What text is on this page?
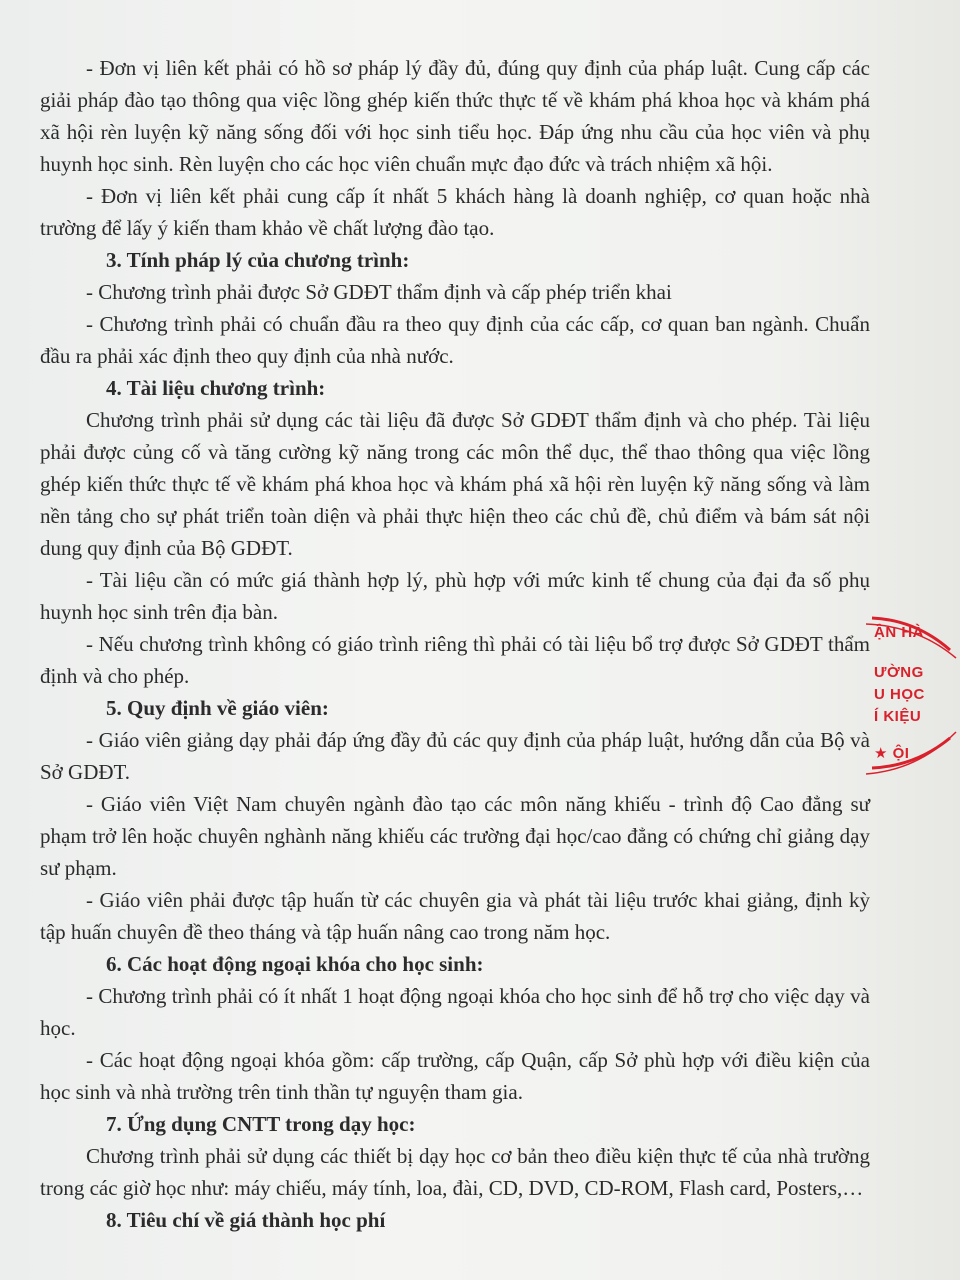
- Đơn vị liên kết phải có hồ sơ pháp lý đầy đủ, đúng quy định của pháp luật. Cung cấp các giải pháp đào tạo thông qua việc lồng ghép kiến thức thực tế về khám phá khoa học và khám phá xã hội rèn luyện kỹ năng sống đối với học sinh tiểu học. Đáp ứng nhu cầu của học viên và phụ huynh học sinh. Rèn luyện cho các học viên chuẩn mực đạo đức và trách nhiệm xã hội.

- Đơn vị liên kết phải cung cấp ít nhất 5 khách hàng là doanh nghiệp, cơ quan hoặc nhà trường để lấy ý kiến tham khảo về chất lượng đào tạo.

3. Tính pháp lý của chương trình:

- Chương trình phải được Sở GDĐT thẩm định và cấp phép triển khai

- Chương trình phải có chuẩn đầu ra theo quy định của các cấp, cơ quan ban ngành. Chuẩn đầu ra phải xác định theo quy định của nhà nước.

4. Tài liệu chương trình:

Chương trình phải sử dụng các tài liệu đã được Sở GDĐT thẩm định và cho phép. Tài liệu phải được củng cố và tăng cường kỹ năng trong các môn thể dục, thể thao thông qua việc lồng ghép kiến thức thực tế về khám phá khoa học và khám phá xã hội rèn luyện kỹ năng sống và làm nền tảng cho sự phát triển toàn diện và phải thực hiện theo các chủ đề, chủ điểm và bám sát nội dung quy định của Bộ GDĐT.

- Tài liệu cần có mức giá thành hợp lý, phù hợp với mức kinh tế chung của đại đa số phụ huynh học sinh trên địa bàn.

- Nếu chương trình không có giáo trình riêng thì phải có tài liệu bổ trợ được Sở GDĐT thẩm định và cho phép.

5. Quy định về giáo viên:

- Giáo viên giảng dạy phải đáp ứng đầy đủ các quy định của pháp luật, hướng dẫn của Bộ và Sở GDĐT.

- Giáo viên Việt Nam chuyên ngành đào tạo các môn năng khiếu - trình độ Cao đẳng sư phạm trở lên hoặc chuyên nghành năng khiếu các trường đại học/cao đẳng có chứng chỉ giảng dạy sư phạm.

- Giáo viên phải được tập huấn từ các chuyên gia và phát tài liệu trước khai giảng, định kỳ tập huấn chuyên đề theo tháng và tập huấn nâng cao trong năm học.

6. Các hoạt động ngoại khóa cho học sinh:

- Chương trình phải có ít nhất 1 hoạt động ngoại khóa cho học sinh để hỗ trợ cho việc dạy và học.

- Các hoạt động ngoại khóa gồm: cấp trường, cấp Quận, cấp Sở phù hợp với điều kiện của học sinh và nhà trường trên tinh thần tự nguyện tham gia.

7. Ứng dụng CNTT trong dạy học:

Chương trình phải sử dụng các thiết bị dạy học cơ bản theo điều kiện thực tế của nhà trường trong các giờ học như: máy chiếu, máy tính, loa, đài, CD, DVD, CD-ROM, Flash card, Posters,…

8. Tiêu chí về giá thành học phí

ẬN HÀ
ƯỜNG
U HỌC
Í KIỆU
★ ỘI
